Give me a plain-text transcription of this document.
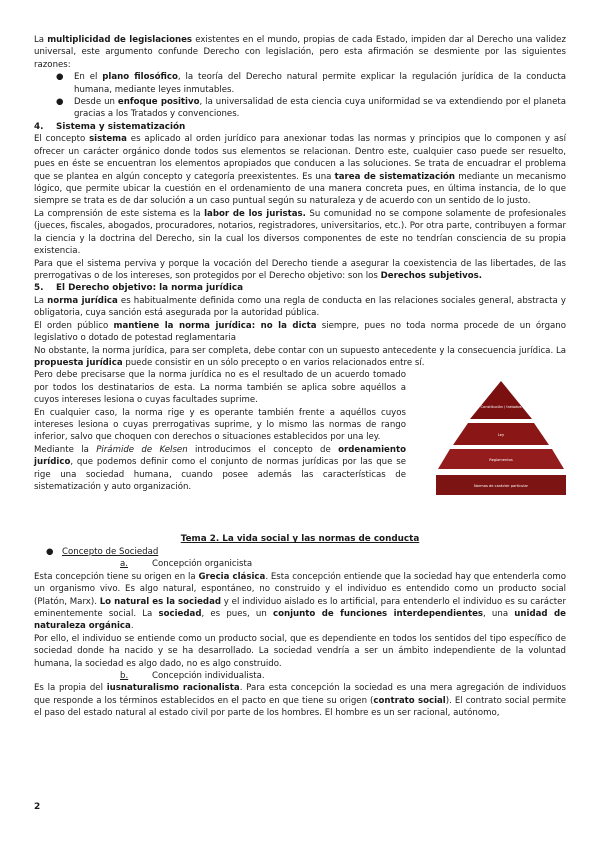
La multiplicidad de legislaciones existentes en el mundo, propias de cada Estado, impiden dar al Derecho una validez universal, este argumento confunde Derecho con legislación, pero esta afirmación se desmiente por las siguientes razones:

● En el plano filosófico, la teoría del Derecho natural permite explicar la regulación jurídica de la conducta humana, mediante leyes inmutables.
● Desde un enfoque positivo, la universalidad de esta ciencia cuya uniformidad se va extendiendo por el planeta gracias a los Tratados y convenciones.
4. Sistema y sistematización

El concepto sistema es aplicado al orden jurídico para anexionar todas las normas y principios que lo componen y así ofrecer un carácter orgánico donde todos sus elementos se relacionan. Dentro este, cualquier caso puede ser resuelto, pues en éste se encuentran los elementos apropiados que conducen a las soluciones. Se trata de encuadrar el problema que se plantea en algún concepto y categoría preexistentes. Es una tarea de sistematización mediante un mecanismo lógico, que permite ubicar la cuestión en el ordenamiento de una manera concreta pues, en última instancia, de lo que siempre se trata es de dar solución a un caso puntual según su naturaleza y de acuerdo con un sentido de lo justo.

La comprensión de este sistema es la labor de los juristas. Su comunidad no se compone solamente de profesionales (jueces, fiscales, abogados, procuradores, notarios, registradores, universitarios, etc.). Por otra parte, contribuyen a formar la ciencia y la doctrina del Derecho, sin la cual los diversos componentes de este no tendrían consciencia de su propia existencia.

Para que el sistema perviva y porque la vocación del Derecho tiende a asegurar la coexistencia de las libertades, de las prerrogativas o de los intereses, son protegidos por el Derecho objetivo: son los Derechos subjetivos.

5. El Derecho objetivo: la norma jurídica

La norma jurídica es habitualmente definida como una regla de conducta en las relaciones sociales general, abstracta y obligatoria, cuya sanción está asegurada por la autoridad pública.

El orden público mantiene la norma jurídica: no la dicta siempre, pues no toda norma procede de un órgano legislativo o dotado de potestad reglamentaria

No obstante, la norma jurídica, para ser completa, debe contar con un supuesto antecedente y la consecuencia jurídica. La propuesta jurídica puede consistir en un sólo precepto o en varios relacionados entre sí.

Pero debe precisarse que la norma jurídica no es el resultado de un acuerdo tomado por todos los destinatarios de esta. La norma también se aplica sobre aquéllos a cuyos intereses lesiona o cuyas facultades suprime.

En cualquier caso, la norma rige y es operante también frente a aquéllos cuyos intereses lesiona o cuyas prerrogativas suprime, y lo mismo las normas de rango inferior, salvo que choquen con derechos o situaciones establecidos por una ley.

Mediante la Pirámide de Kelsen introducimos el concepto de ordenamiento jurídico, que podemos definir como el conjunto de normas jurídicas por las que se rige una sociedad humana, cuando posee además las características de sistematización y auto organización.

Constitución / tratados
Ley
Reglamentos
Normas de carácter particular
Tema 2. La vida social y las normas de conducta
● Concepto de Sociedad
a.	Concepción organicista

Esta concepción tiene su origen en la Grecia clásica. Esta concepción entiende que la sociedad hay que entenderla como un organismo vivo. Es algo natural, espontáneo, no construido y el individuo es entendido como un producto social (Platón, Marx). Lo natural es la sociedad y el individuo aislado es lo artificial, para entenderlo el individuo es su carácter eminentemente social. La sociedad, es pues, un conjunto de funciones interdependientes, una unidad de naturaleza orgánica.

Por ello, el individuo se entiende como un producto social, que es dependiente en todos los sentidos del tipo específico de sociedad donde ha nacido y se ha desarrollado. La sociedad vendría a ser un ámbito independiente de la voluntad humana, la sociedad es algo dado, no es algo construido.

b.	Concepción individualista.

Es la propia del iusnaturalismo racionalista. Para esta concepción la sociedad es una mera agregación de individuos que responde a los términos establecidos en el pacto en que tiene su origen (contrato social). El contrato social permite el paso del estado natural al estado civil por parte de los hombres. El hombre es un ser racional, autónomo,

2
